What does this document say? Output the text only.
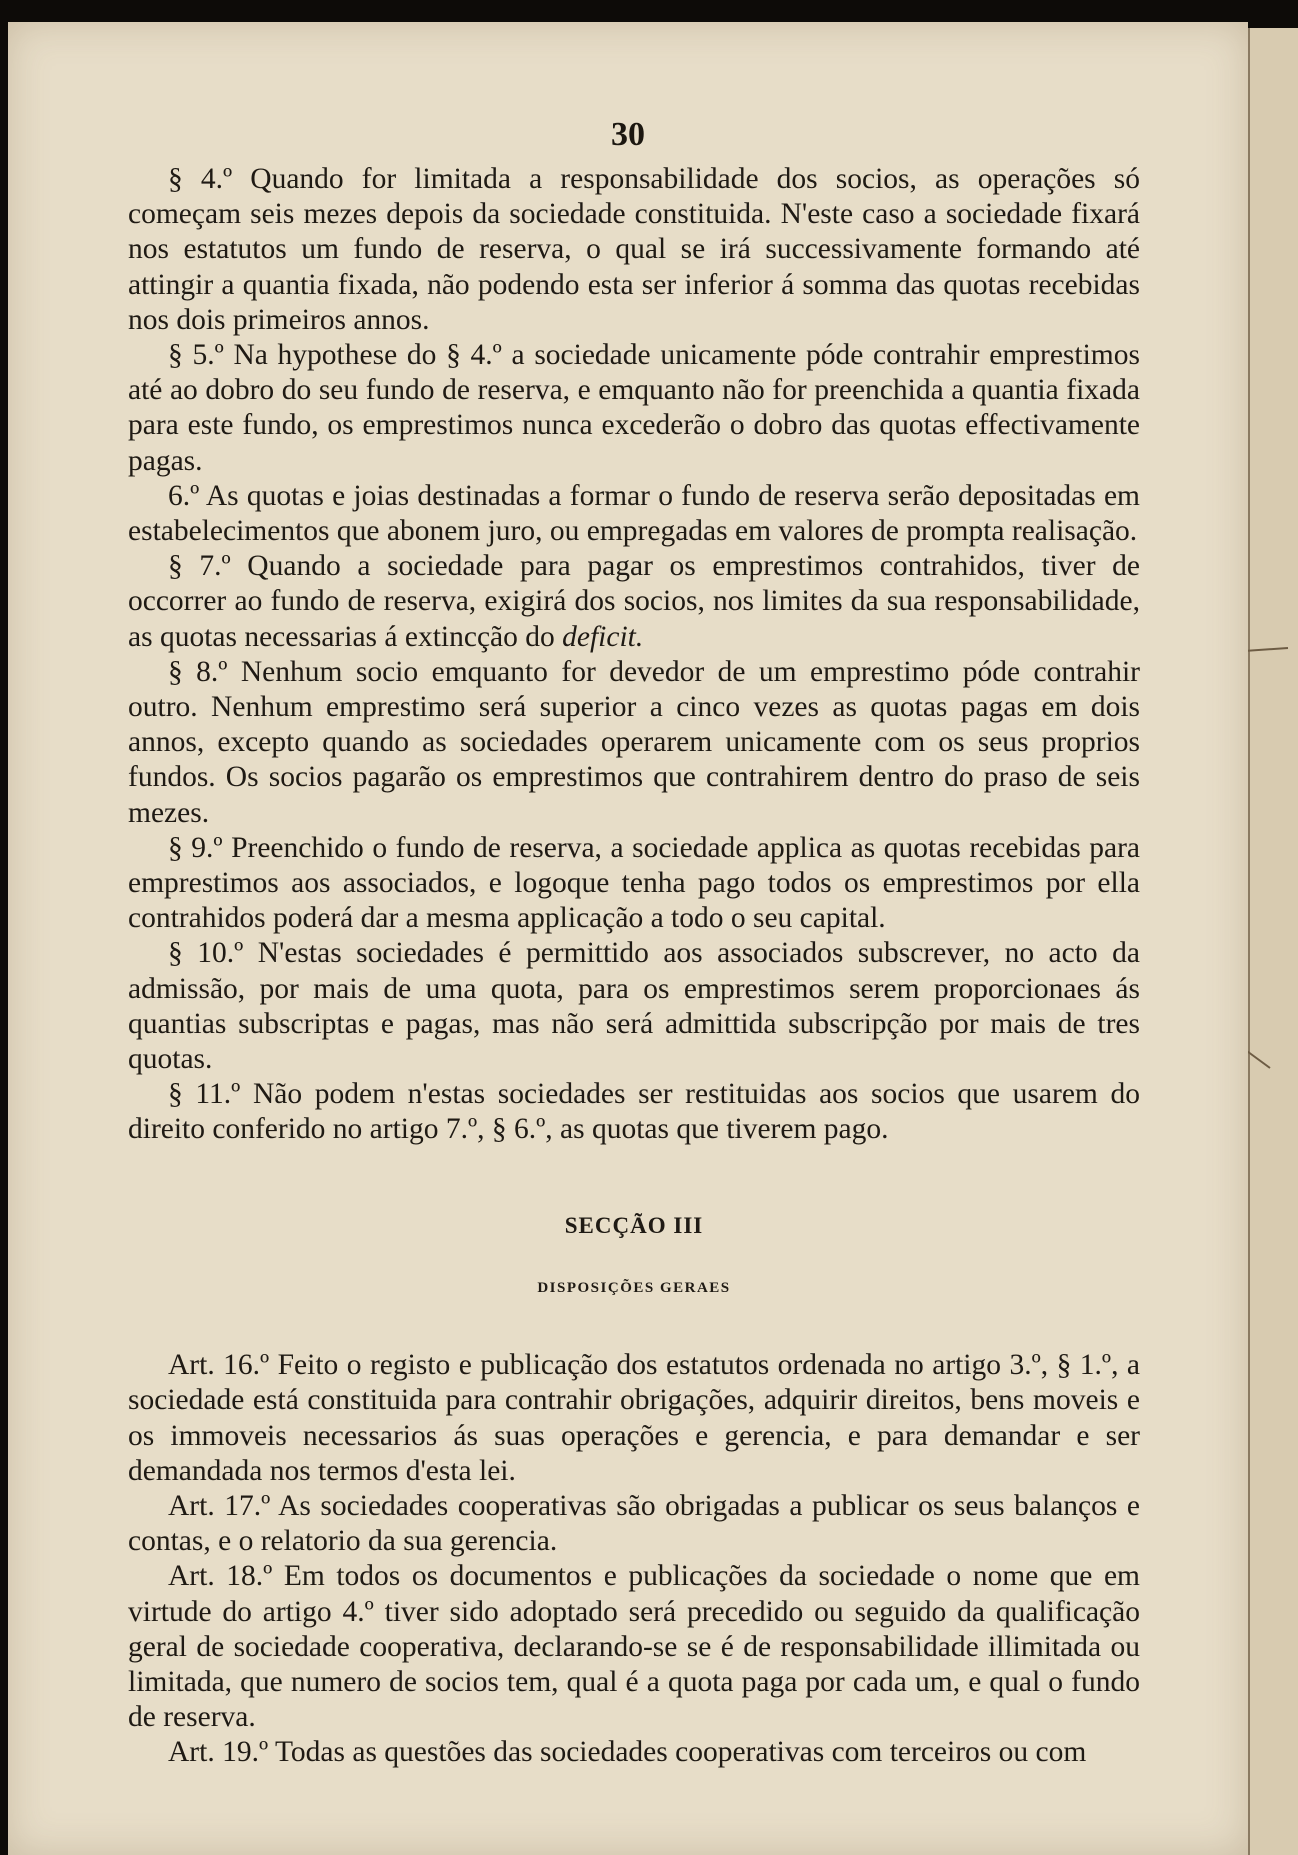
30

§ 4.º Quando for limitada a responsabilidade dos socios, as operações só começam seis mezes depois da sociedade constituida. N'este caso a sociedade fixará nos estatutos um fundo de reserva, o qual se irá successivamente formando até attingir a quantia fixada, não podendo esta ser inferior á somma das quotas recebidas nos dois primeiros annos.

§ 5.º Na hypothese do § 4.º a sociedade unicamente póde contrahir emprestimos até ao dobro do seu fundo de reserva, e emquanto não for preenchida a quantia fixada para este fundo, os emprestimos nunca excederão o dobro das quotas effectivamente pagas.

6.º As quotas e joias destinadas a formar o fundo de reserva serão depositadas em estabelecimentos que abonem juro, ou empregadas em valores de prompta realisação.

§ 7.º Quando a sociedade para pagar os emprestimos contrahidos, tiver de occorrer ao fundo de reserva, exigirá dos socios, nos limites da sua responsabilidade, as quotas necessarias á extincção do deficit.

§ 8.º Nenhum socio emquanto for devedor de um emprestimo póde contrahir outro. Nenhum emprestimo será superior a cinco vezes as quotas pagas em dois annos, excepto quando as sociedades operarem unicamente com os seus proprios fundos. Os socios pagarão os emprestimos que contrahirem dentro do praso de seis mezes.

§ 9.º Preenchido o fundo de reserva, a sociedade applica as quotas recebidas para emprestimos aos associados, e logoque tenha pago todos os emprestimos por ella contrahidos poderá dar a mesma applicação a todo o seu capital.

§ 10.º N'estas sociedades é permittido aos associados subscrever, no acto da admissão, por mais de uma quota, para os emprestimos serem proporcionaes ás quantias subscriptas e pagas, mas não será admittida subscripção por mais de tres quotas.

§ 11.º Não podem n'estas sociedades ser restituidas aos socios que usarem do direito conferido no artigo 7.º, § 6.º, as quotas que tiverem pago.

SECÇÃO III
DISPOSIÇÕES GERAES

Art. 16.º Feito o registo e publicação dos estatutos ordenada no artigo 3.º, § 1.º, a sociedade está constituida para contrahir obrigações, adquirir direitos, bens moveis e os immoveis necessarios ás suas operações e gerencia, e para demandar e ser demandada nos termos d'esta lei.

Art. 17.º As sociedades cooperativas são obrigadas a publicar os seus balanços e contas, e o relatorio da sua gerencia.

Art. 18.º Em todos os documentos e publicações da sociedade o nome que em virtude do artigo 4.º tiver sido adoptado será precedido ou seguido da qualificação geral de sociedade cooperativa, declarando-se se é de responsabilidade illimitada ou limitada, que numero de socios tem, qual é a quota paga por cada um, e qual o fundo de reserva.

Art. 19.º Todas as questões das sociedades cooperativas com terceiros ou com
